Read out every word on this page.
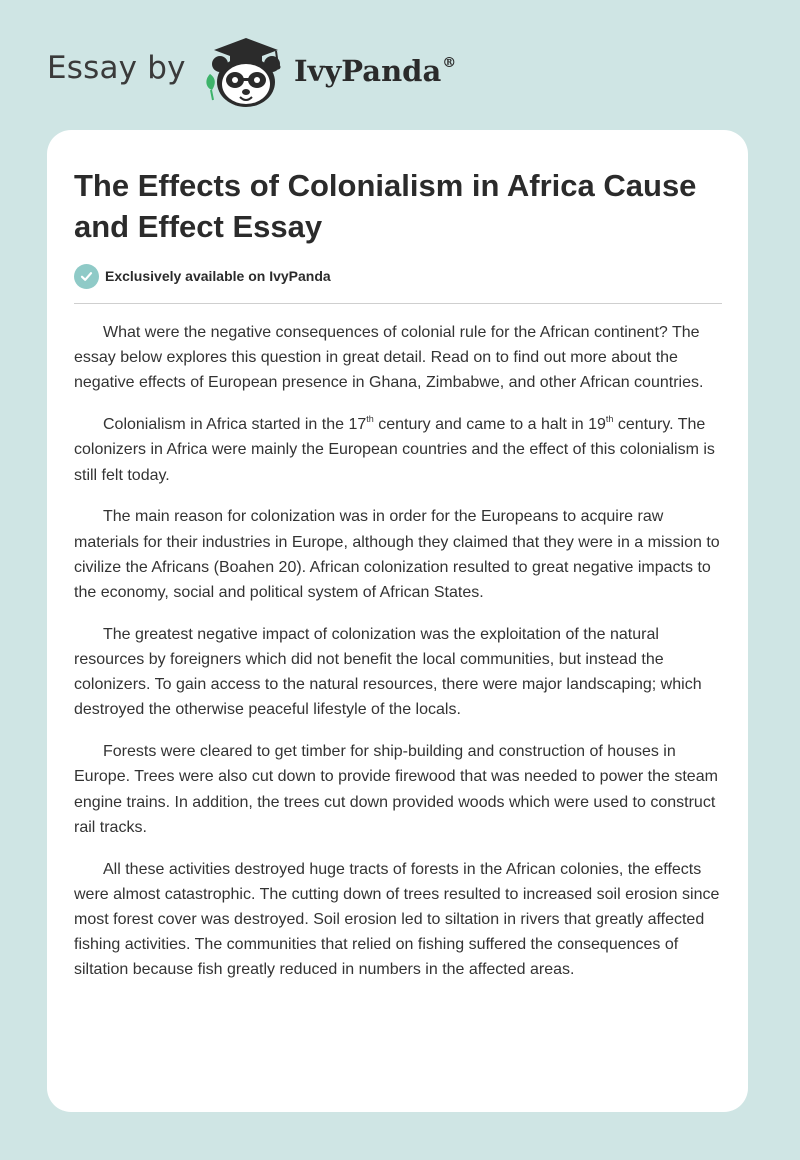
Essay by	IvyPanda®
The Effects of Colonialism in Africa Cause and Effect Essay
Exclusively available on IvyPanda

What were the negative consequences of colonial rule for the African continent? The essay below explores this question in great detail. Read on to find out more about the negative effects of European presence in Ghana, Zimbabwe, and other African countries.

Colonialism in Africa started in the 17th century and came to a halt in 19th century. The colonizers in Africa were mainly the European countries and the effect of this colonialism is still felt today.

The main reason for colonization was in order for the Europeans to acquire raw materials for their industries in Europe, although they claimed that they were in a mission to civilize the Africans (Boahen 20). African colonization resulted to great negative impacts to the economy, social and political system of African States.

The greatest negative impact of colonization was the exploitation of the natural resources by foreigners which did not benefit the local communities, but instead the colonizers. To gain access to the natural resources, there were major landscaping; which destroyed the otherwise peaceful lifestyle of the locals.

Forests were cleared to get timber for ship-building and construction of houses in Europe. Trees were also cut down to provide firewood that was needed to power the steam engine trains. In addition, the trees cut down provided woods which were used to construct rail tracks.

All these activities destroyed huge tracts of forests in the African colonies, the effects were almost catastrophic. The cutting down of trees resulted to increased soil erosion since most forest cover was destroyed. Soil erosion led to siltation in rivers that greatly affected fishing activities. The communities that relied on fishing suffered the consequences of siltation because fish greatly reduced in numbers in the affected areas.
